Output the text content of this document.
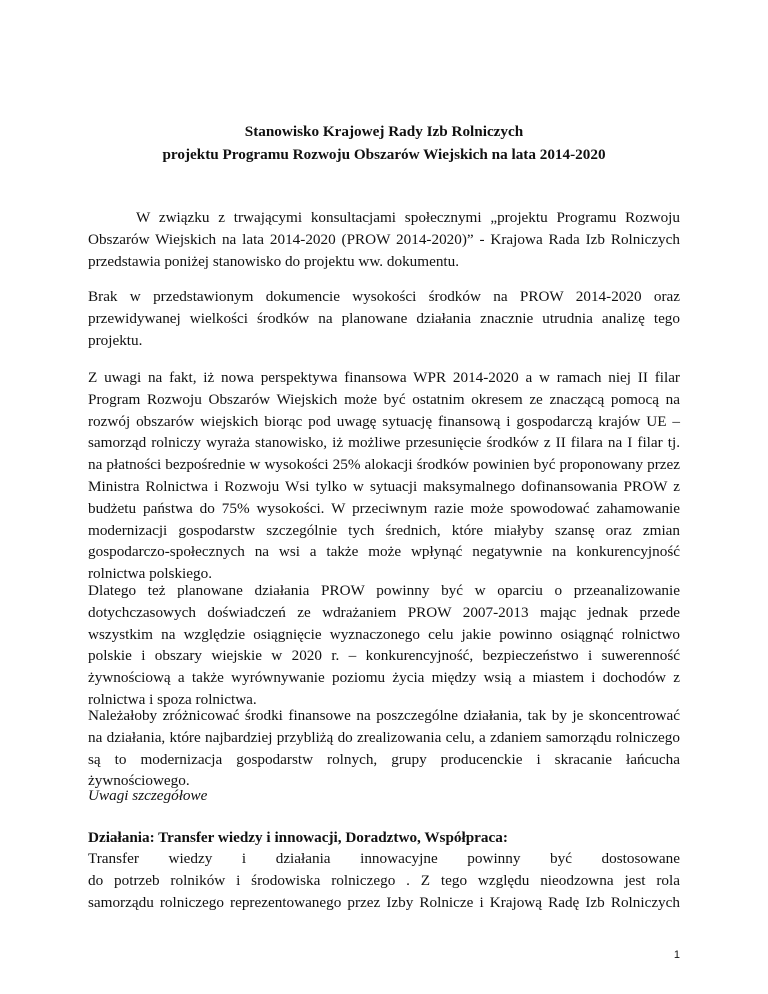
Stanowisko Krajowej Rady Izb Rolniczych
projektu Programu Rozwoju Obszarów Wiejskich na lata 2014-2020
W związku z trwającymi konsultacjami społecznymi „projektu Programu Rozwoju Obszarów Wiejskich na lata 2014-2020 (PROW 2014-2020)” - Krajowa Rada Izb Rolniczych przedstawia poniżej stanowisko do projektu ww. dokumentu.
Brak w przedstawionym dokumencie wysokości środków na PROW 2014-2020 oraz przewidywanej wielkości środków na planowane działania znacznie utrudnia analizę tego projektu.
Z uwagi na fakt, iż nowa perspektywa finansowa WPR 2014-2020 a w ramach niej II filar Program Rozwoju Obszarów Wiejskich może być ostatnim okresem ze znaczącą pomocą na rozwój obszarów wiejskich biorąc pod uwagę sytuację finansową i gospodarczą krajów UE – samorząd rolniczy wyraża stanowisko, iż możliwe przesunięcie środków z II filara na I filar tj. na płatności bezpośrednie w wysokości 25% alokacji środków powinien być proponowany przez Ministra Rolnictwa i Rozwoju Wsi tylko w sytuacji maksymalnego dofinansowania PROW z budżetu państwa do 75% wysokości. W przeciwnym razie może spowodować zahamowanie modernizacji gospodarstw szczególnie tych średnich, które miałyby szansę oraz zmian gospodarczo-społecznych na wsi a także może wpłynąć negatywnie na konkurencyjność rolnictwa polskiego.
Dlatego też planowane działania PROW powinny być w oparciu o przeanalizowanie dotychczasowych doświadczeń ze wdrażaniem PROW 2007-2013 mając jednak przede wszystkim na względzie osiągnięcie wyznaczonego celu jakie powinno osiągnąć rolnictwo polskie i obszary wiejskie w 2020 r. – konkurencyjność, bezpieczeństwo i suwerenność żywnościową a także wyrównywanie poziomu życia między wsią a miastem i dochodów z rolnictwa i spoza rolnictwa.
Należałoby zróżnicować środki finansowe na poszczególne działania, tak by je skoncentrować na działania, które najbardziej przybliżą do zrealizowania celu, a zdaniem samorządu rolniczego są to modernizacja gospodarstw rolnych, grupy producenckie i skracanie łańcucha żywnościowego.
Uwagi szczegółowe
Działania: Transfer wiedzy i innowacji, Doradztwo, Współpraca:
Transfer wiedzy i działania innowacyjne powinny być dostosowane
do potrzeb rolników i środowiska rolniczego . Z tego względu nieodzowna jest rola
samorządu rolniczego reprezentowanego przez Izby Rolnicze i Krajową Radę Izb Rolniczych
1
